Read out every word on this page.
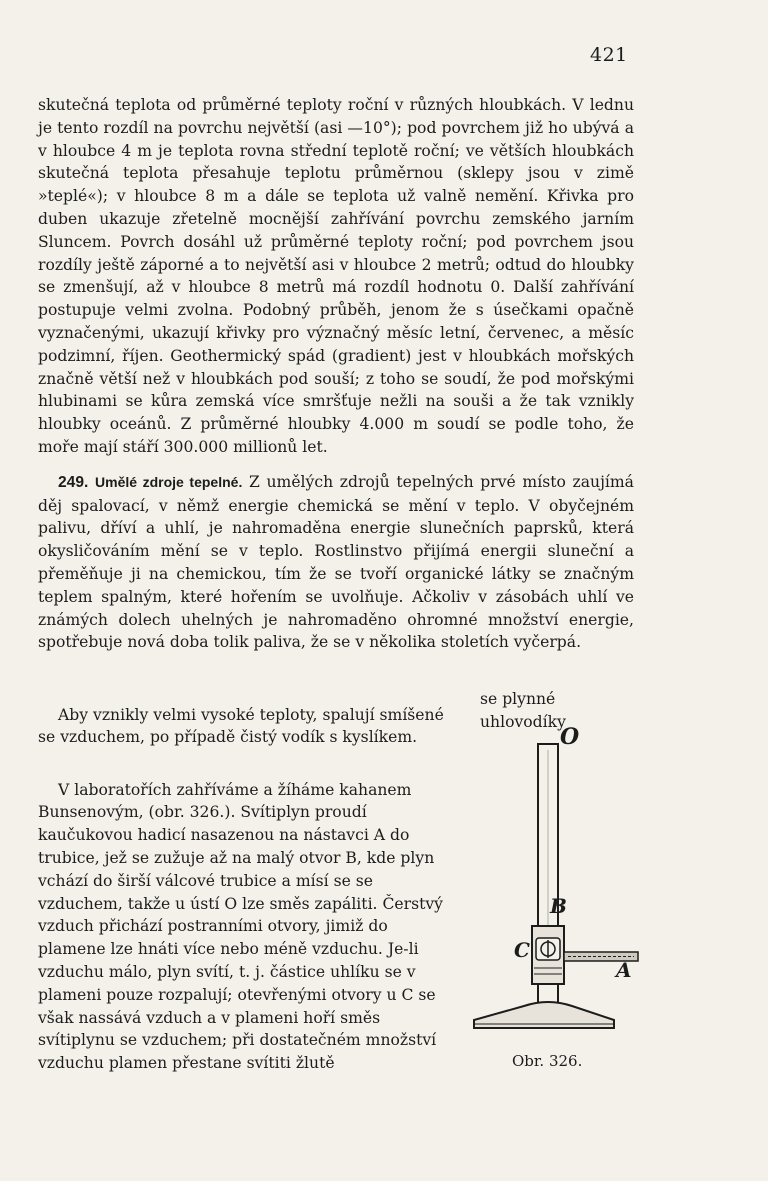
421

skutečná teplota od průměrné teploty roční v různých hloubkách. V lednu je tento rozdíl na povrchu největší (asi —10°); pod povrchem již ho ubývá a v hloubce 4 m je teplota rovna střední teplotě roční; ve větších hloubkách skutečná teplota přesahuje teplotu průměrnou (sklepy jsou v zimě »teplé«); v hloubce 8 m a dále se teplota už valně nemění. Křivka pro duben ukazuje zřetelně mocnější zahřívání povrchu zemského jarním Sluncem. Povrch dosáhl už průměrné teploty roční; pod povrchem jsou rozdíly ještě záporné a to největší asi v hloubce 2 metrů; odtud do hloubky se zmenšují, až v hloubce 8 metrů má rozdíl hodnotu 0. Další zahřívání postupuje velmi zvolna. Podobný průběh, jenom že s úsečkami opačně vyznačenými, ukazují křivky pro význačný měsíc letní, červenec, a měsíc podzimní, říjen. Geothermický spád (gradient) jest v hloubkách mořských značně větší než v hloubkách pod souší; z toho se soudí, že pod mořskými hlubinami se kůra zemská více smršťuje nežli na souši a že tak vznikly hloubky oceánů. Z průměrné hloubky 4.000 m soudí se podle toho, že moře mají stáří 300.000 millionů let.

249. Umělé zdroje tepelné. Z umělých zdrojů tepelných prvé místo zaujímá děj spalovací, v němž energie chemická se mění v teplo. V obyčejném palivu, dříví a uhlí, je nahromaděna energie slunečních paprsků, která okysličováním mění se v teplo. Rostlinstvo přijímá energii sluneční a přeměňuje ji na chemickou, tím že se tvoří organické látky se značným teplem spalným, které hořením se uvolňuje. Ačkoliv v zásobách uhlí ve známých dolech uhelných je nahromaděno ohromné množství energie, spotřebuje nová doba tolik paliva, že se v několika stoletích vyčerpá.

Aby vznikly velmi vysoké teploty, spalují smíšené se vzduchem, po případě čistý vodík s kyslíkem.

se plynné uhlovodíky

V laboratořích zahříváme a žíháme kahanem Bunsenovým, (obr. 326.). Svítiplyn proudí kaučukovou hadicí nasazenou na nástavci A do trubice, jež se zužuje až na malý otvor B, kde plyn vchází do širší válcové trubice a mísí se se vzduchem, takže u ústí O lze směs zapáliti. Čerstvý vzduch přichází postranními otvory, jimiž do plamene lze hnáti více nebo méně vzduchu. Je-li vzduchu málo, plyn svítí, t. j. částice uhlíku se v plameni pouze rozpalují; otevřenými otvory u C se však nassává vzduch a v plameni hoří směs svítiplynu se vzduchem; při dostatečném množství vzduchu plamen přestane svítiti žlutě

O
B
C
A
Obr. 326.
